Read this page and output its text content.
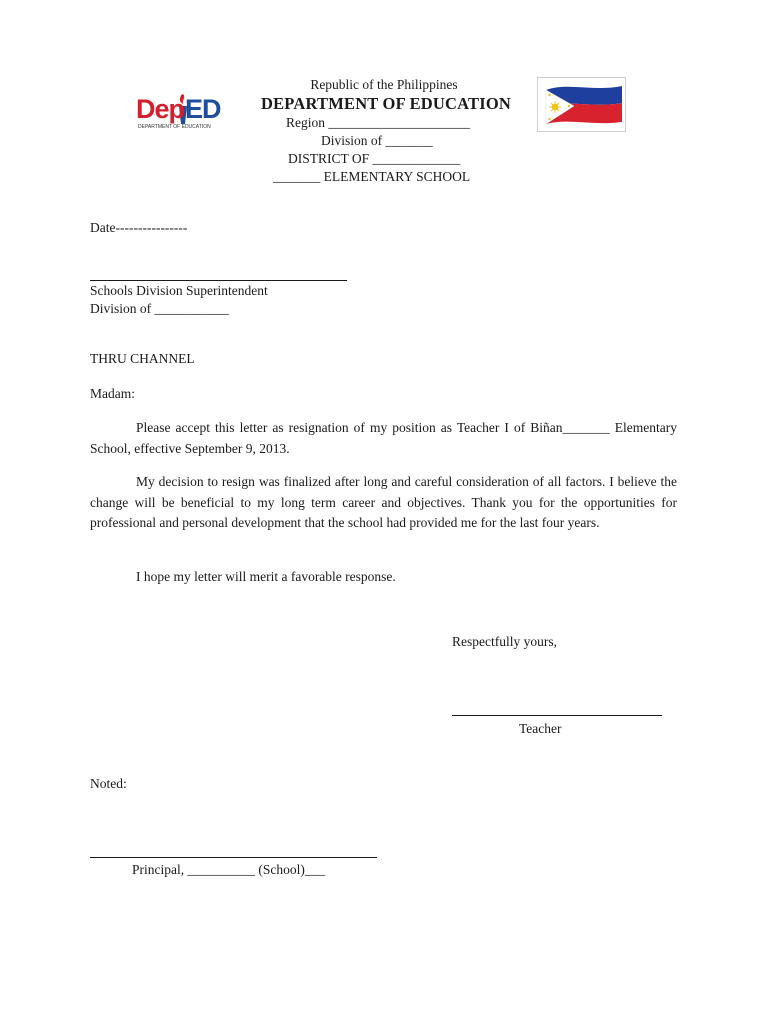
Dep ED
DEPARTMENT OF EDUCATION
Republic of the Philippines
DEPARTMENT OF EDUCATION
Region _____________________
Division of _______
DISTRICT OF _____________
_______ ELEMENTARY SCHOOL
Date----------------
Schools Division Superintendent
Division of ___________
THRU CHANNEL
Madam:
Please accept this letter as resignation of my position as Teacher I of Biñan_______ Elementary School, effective September 9, 2013.
My decision to resign was finalized after long and careful consideration of all factors. I believe the change will be beneficial to my long term career and objectives. Thank you for the opportunities for professional and personal development that the school had provided me for the last four years.
I hope my letter will merit a favorable response.
Respectfully yours,
Teacher
Noted:
Principal, __________ (School)___
